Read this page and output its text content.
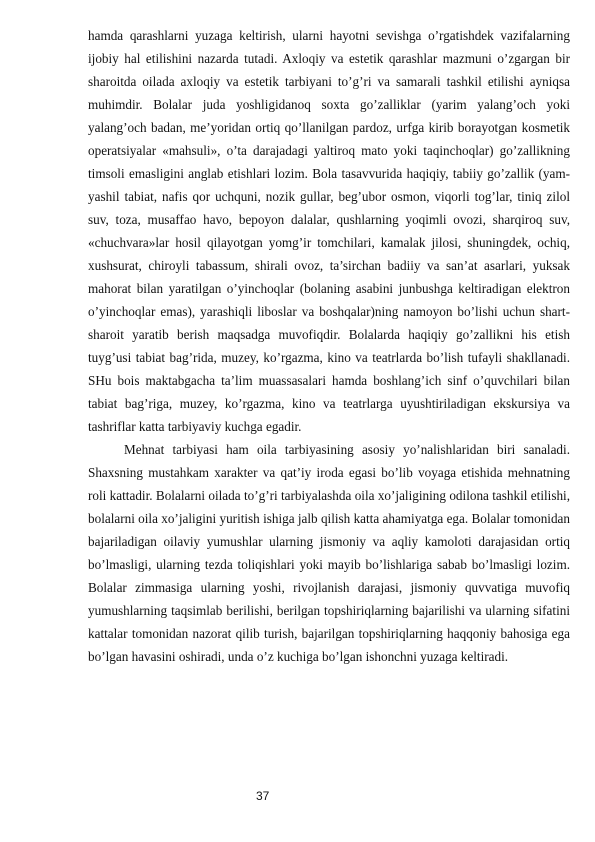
hamda qarashlarni yuzaga keltirish, ularni hayotni sevishga o’rgatishdek vazifalarning ijobiy hal etilishini nazarda tutadi. Axloqiy va estetik qarashlar mazmuni o’zgargan bir sharoitda oilada axloqiy va estetik tarbiyani to’g’ri va samarali tashkil etilishi ayniqsa muhimdir. Bolalar juda yoshligidanoq soxta go’zalliklar (yarim yalang’och yoki yalang’och badan, me’yoridan ortiq qo’llanilgan pardoz, urfga kirib borayotgan kosmetik operatsiyalar «mahsuli», o’ta darajadagi yaltiroq mato yoki taqinchoqlar) go’zallikning timsoli emasligini anglab etishlari lozim. Bola tasavvurida haqiqiy, tabiiy go’zallik (yam-yashil tabiat, nafis qor uchquni, nozik gullar, beg’ubor osmon, viqorli tog’lar, tiniq zilol suv, toza, musaffao havo, bepoyon dalalar, qushlarning yoqimli ovozi, sharqiroq suv, «chuchvara»lar hosil qilayotgan yomg’ir tomchilari, kamalak jilosi, shuningdek, ochiq, xushsurat, chiroyli tabassum, shirali ovoz, ta’sirchan badiiy va san’at asarlari, yuksak mahorat bilan yaratilgan o’yinchoqlar (bolaning asabini junbushga keltiradigan elektron o’yinchoqlar emas), yarashiqli liboslar va boshqalar)ning namoyon bo’lishi uchun shart-sharoit yaratib berish maqsadga muvofiqdir. Bolalarda haqiqiy go’zallikni his etish tuyg’usi tabiat bag’rida, muzey, ko’rgazma, kino va teatrlarda bo’lish tufayli shakllanadi. SHu bois maktabgacha ta’lim muassasalari hamda boshlang’ich sinf o’quvchilari bilan tabiat bag’riga, muzey, ko’rgazma, kino va teatrlarga uyushtiriladigan ekskursiya va tashriflar katta tarbiyaviy kuchga egadir.

Mehnat tarbiyasi ham oila tarbiyasining asosiy yo’nalishlaridan biri sanaladi. Shaxsning mustahkam xarakter va qat’iy iroda egasi bo’lib voyaga etishida mehnatning roli kattadir. Bolalarni oilada to’g’ri tarbiyalashda oila xo’jaligining odilona tashkil etilishi, bolalarni oila xo’jaligini yuritish ishiga jalb qilish katta ahamiyatga ega. Bolalar tomonidan bajariladigan oilaviy yumushlar ularning jismoniy va aqliy kamoloti darajasidan ortiq bo’lmasligi, ularning tezda toliqishlari yoki mayib bo’lishlariga sabab bo’lmasligi lozim. Bolalar zimmasiga ularning yoshi, rivojlanish darajasi, jismoniy quvvatiga muvofiq yumushlarning taqsimlab berilishi, berilgan topshiriqlarning bajarilishi va ularning sifatini kattalar tomonidan nazorat qilib turish, bajarilgan topshiriqlarning haqqoniy bahosiga ega bo’lgan havasini oshiradi, unda o’z kuchiga bo’lgan ishonchni yuzaga keltiradi.

37
